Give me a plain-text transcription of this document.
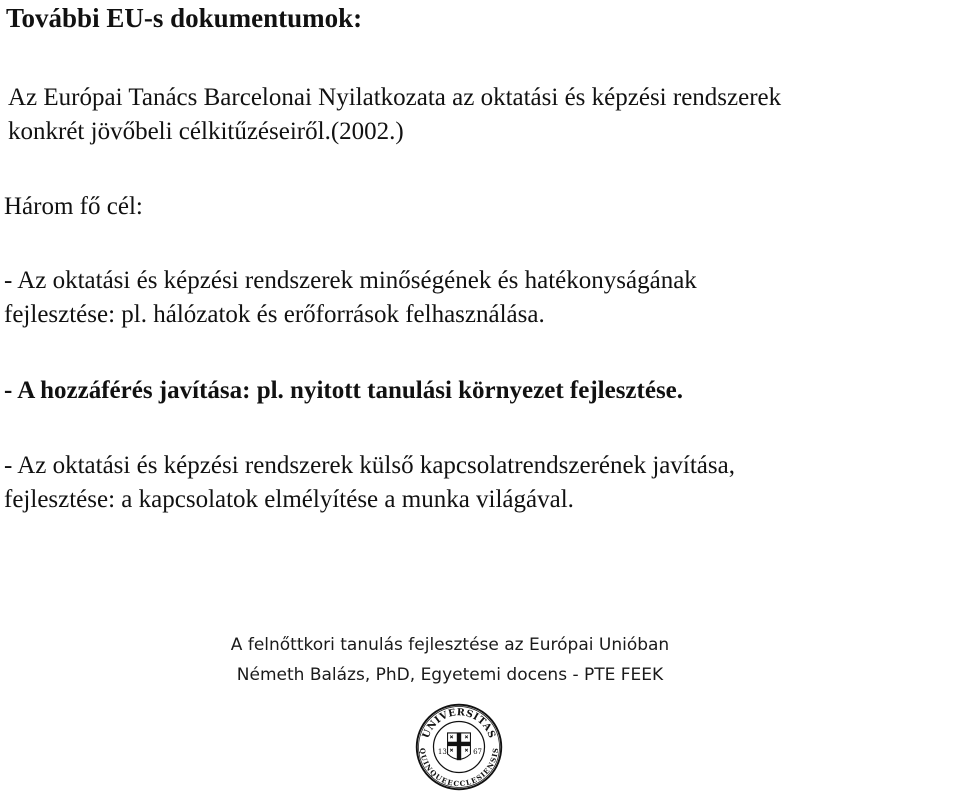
További EU-s dokumentumok:

Az Európai Tanács Barcelonai Nyilatkozata az oktatási és képzési rendszerek
konkrét jövőbeli célkitűzéseiről.(2002.)

Három fő cél:

- Az oktatási és képzési rendszerek minőségének és hatékonyságának
fejlesztése: pl. hálózatok és erőforrások felhasználása.

- A hozzáférés javítása: pl. nyitott tanulási környezet fejlesztése.

- Az oktatási és képzési rendszerek külső kapcsolatrendszerének javítása,
fejlesztése: a kapcsolatok elmélyítése a munka világával.

A felnőttkori tanulás fejlesztése az Európai Unióban
Németh Balázs, PhD, Egyetemi docens - PTE FEEK
UNIVERSITAS
QUINQUEECCLESIENSIS
13	67
